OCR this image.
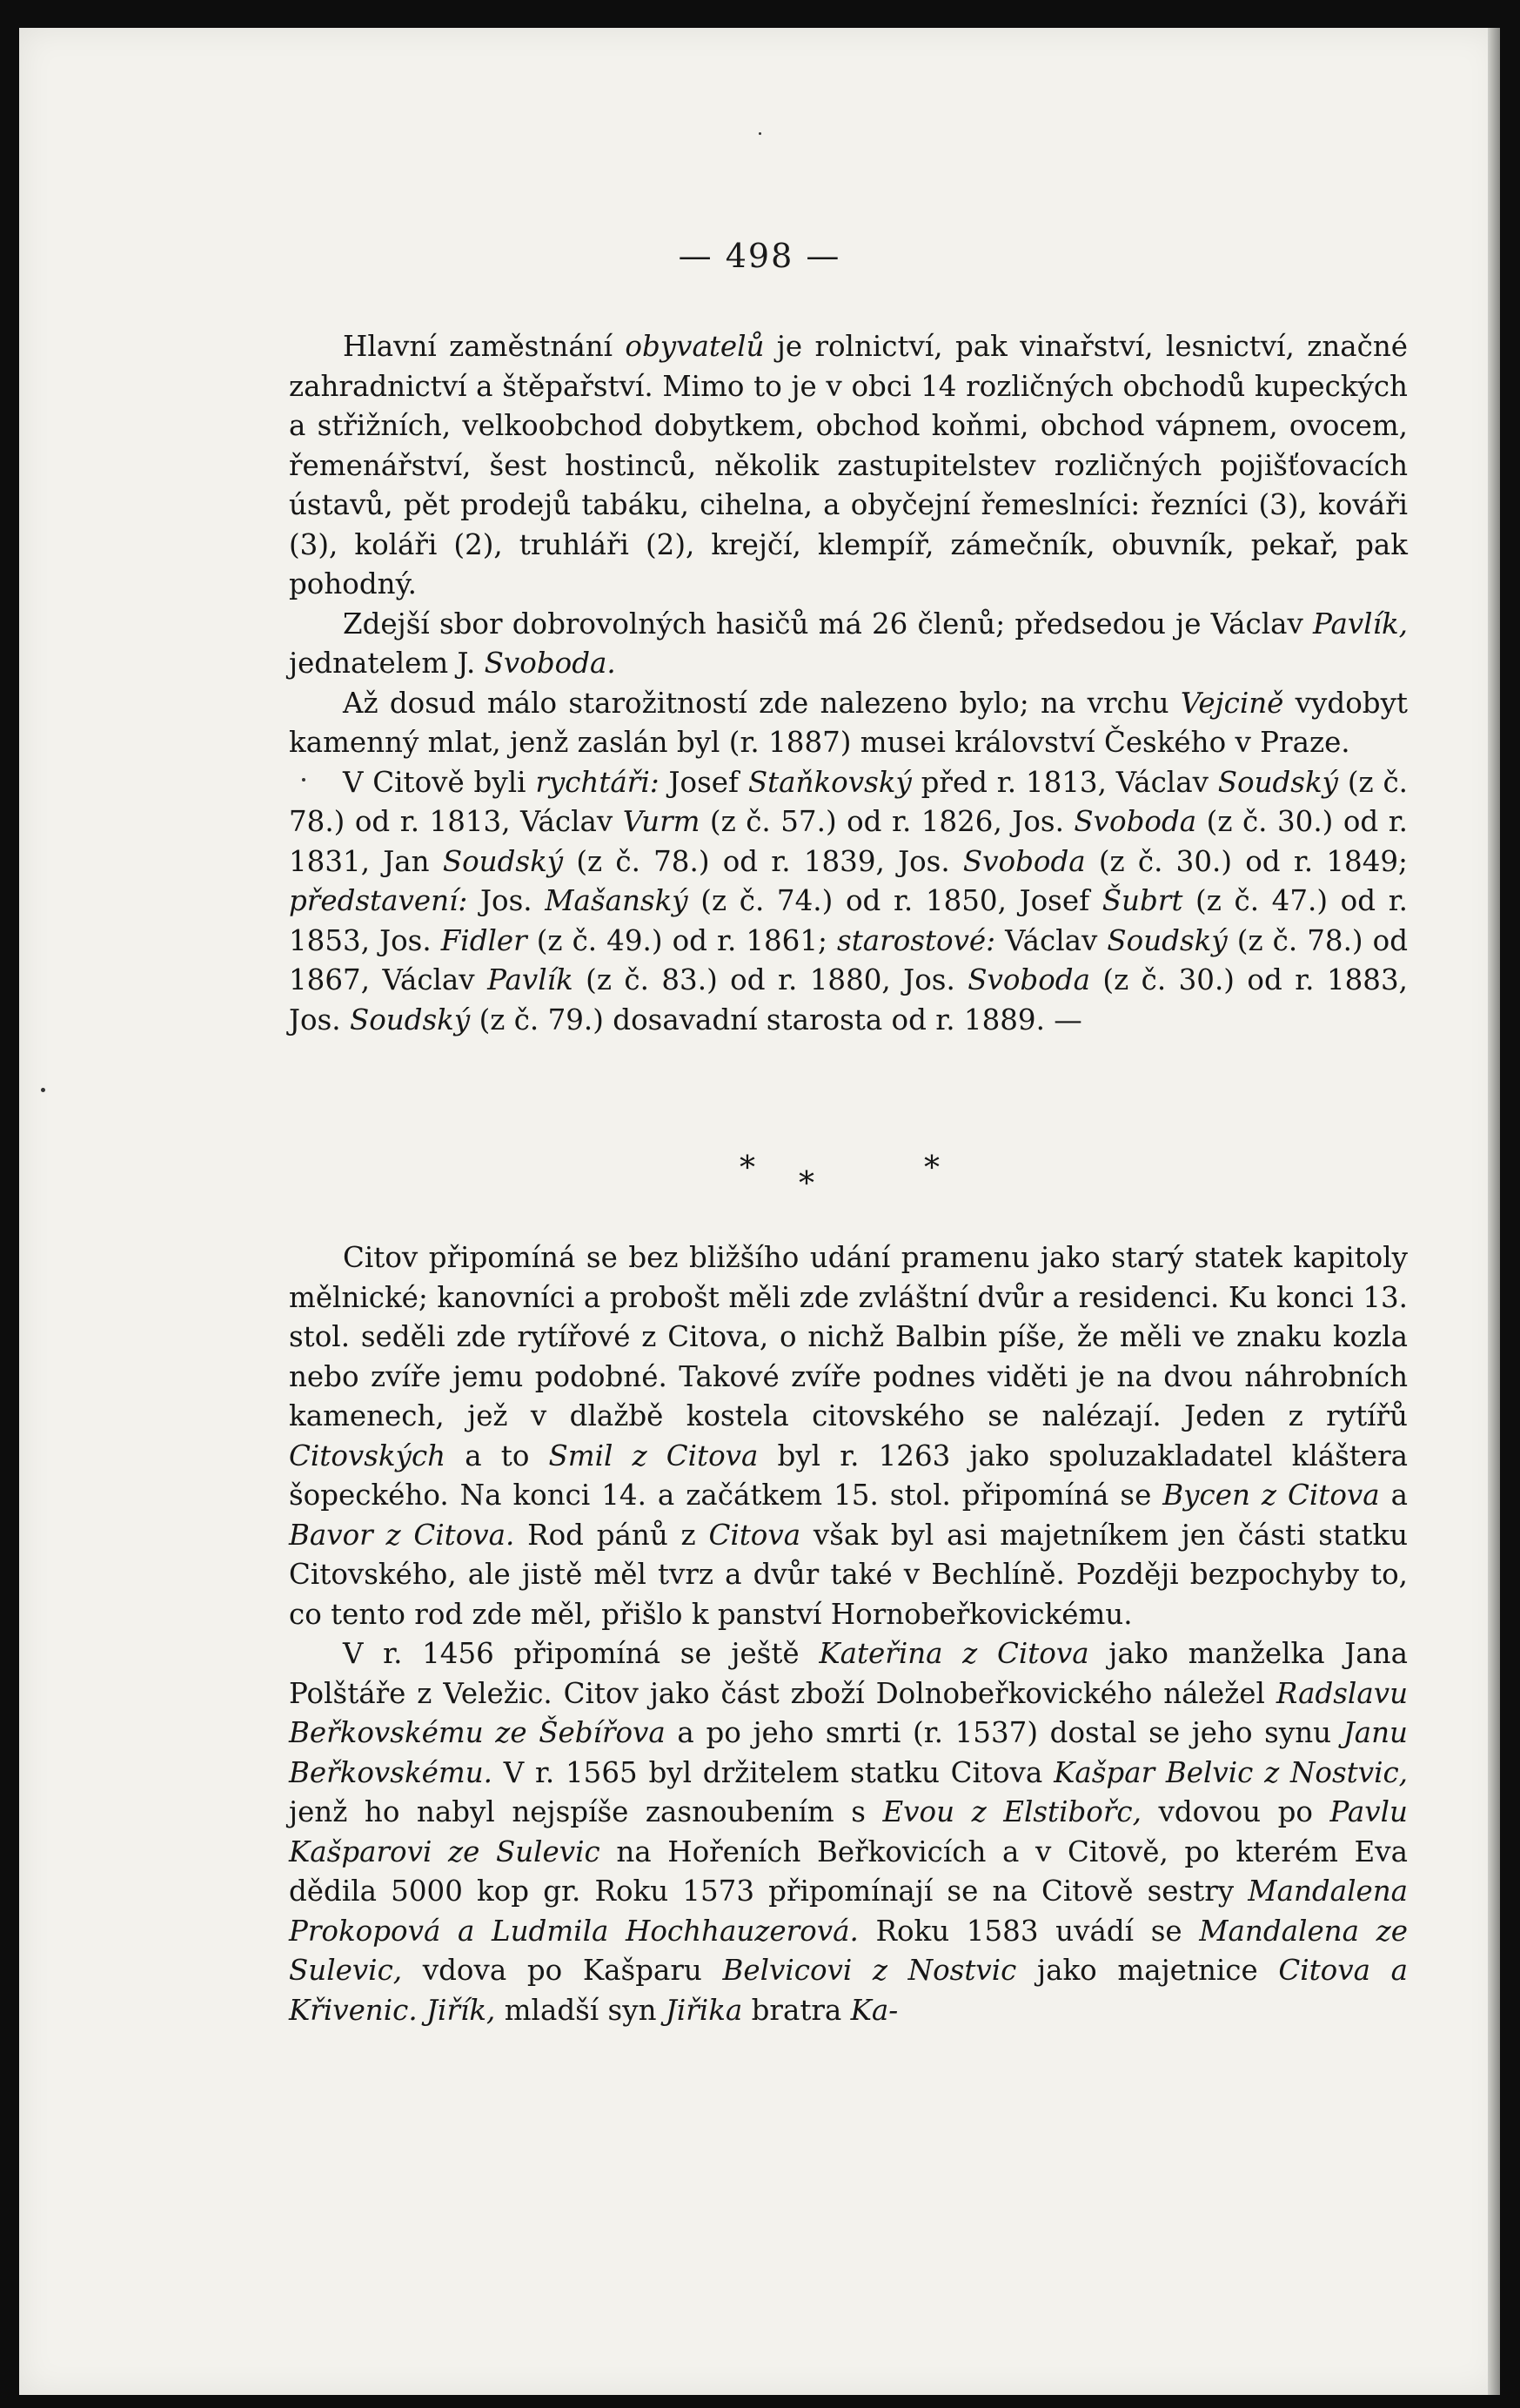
— 498 —

Hlavní zaměstnání obyvatelů je rolnictví, pak vinařství, lesnictví, značné zahradnictví a štěpařství. Mimo to je v obci 14 rozličných obchodů kupeckých a střižních, velkoobchod dobytkem, obchod koňmi, obchod vápnem, ovocem, řemenářství, šest hostinců, několik zastupitelstev rozličných pojišťovacích ústavů, pět prodejů tabáku, cihelna, a obyčejní řemeslníci: řezníci (3), kováři (3), koláři (2), truhláři (2), krejčí, klempíř, zámečník, obuvník, pekař, pak pohodný.

Zdejší sbor dobrovolných hasičů má 26 členů; předsedou je Václav Pavlík, jednatelem J. Svoboda.

Až dosud málo starožitností zde nalezeno bylo; na vrchu Vejcině vydobyt kamenný mlat, jenž zaslán byl (r. 1887) musei království Českého v Praze.

V Citově byli rychtáři: Josef Staňkovský před r. 1813, Václav Soudský (z č. 78.) od r. 1813, Václav Vurm (z č. 57.) od r. 1826, Jos. Svoboda (z č. 30.) od r. 1831, Jan Soudský (z č. 78.) od r. 1839, Jos. Svoboda (z č. 30.) od r. 1849; představení: Jos. Mašanský (z č. 74.) od r. 1850, Josef Šubrt (z č. 47.) od r. 1853, Jos. Fidler (z č. 49.) od r. 1861; starostové: Václav Soudský (z č. 78.) od 1867, Václav Pavlík (z č. 83.) od r. 1880, Jos. Svoboda (z č. 30.) od r. 1883, Jos. Soudský (z č. 79.) dosavadní starosta od r. 1889. —

* *	*

Citov připomíná se bez bližšího udání pramenu jako starý statek kapitoly mělnické; kanovníci a probošt měli zde zvláštní dvůr a residenci. Ku konci 13. stol. seděli zde rytířové z Citova, o nichž Balbin píše, že měli ve znaku kozla nebo zvíře jemu podobné. Takové zvíře podnes viděti je na dvou náhrobních kamenech, jež v dlažbě kostela citovského se nalézají. Jeden z rytířů Citovských a to Smil z Citova byl r. 1263 jako spoluzakladatel kláštera šopeckého. Na konci 14. a začátkem 15. stol. připomíná se Bycen z Citova a Bavor z Citova. Rod pánů z Citova však byl asi majetníkem jen části statku Citovského, ale jistě měl tvrz a dvůr také v Bechlíně. Později bezpochyby to, co tento rod zde měl, přišlo k panství Hornobeřkovickému.

V r. 1456 připomíná se ještě Kateřina z Citova jako manželka Jana Polštáře z Veležic. Citov jako část zboží Dolnobeřkovického náležel Radslavu Beřkovskému ze Šebířova a po jeho smrti (r. 1537) dostal se jeho synu Janu Beřkovskému. V r. 1565 byl držitelem statku Citova Kašpar Belvic z Nostvic, jenž ho nabyl nejspíše zasnoubením s Evou z Elstibořc, vdovou po Pavlu Kašparovi ze Sulevic na Hořeních Beřkovicích a v Citově, po kterém Eva dědila 5000 kop gr. Roku 1573 připomínají se na Citově sestry Mandalena Prokopová a Ludmila Hochhauzerová. Roku 1583 uvádí se Mandalena ze Sulevic, vdova po Kašparu Belvicovi z Nostvic jako majetnice Citova a Křivenic. Jiřík, mladší syn Jiřika bratra Ka-
